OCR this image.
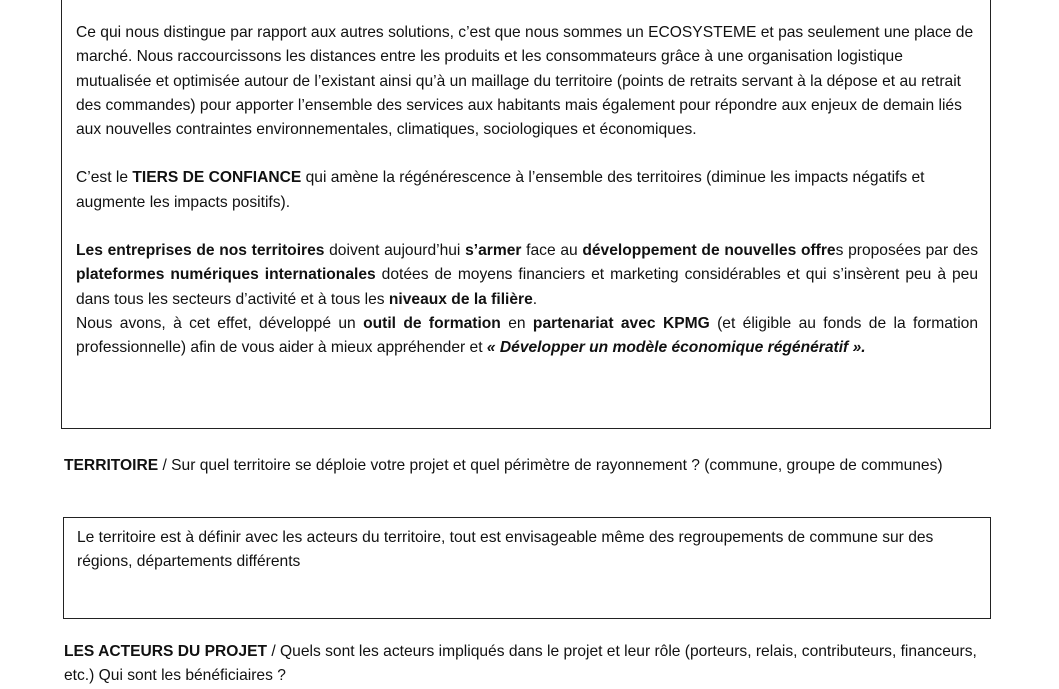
Ce qui nous distingue par rapport aux autres solutions, c’est que nous sommes un ECOSYSTEME et pas seulement une place de marché. Nous raccourcissons les distances entre les produits et les consommateurs grâce à une organisation logistique mutualisée et optimisée autour de l’existant ainsi qu’à un maillage du territoire (points de retraits servant à la dépose et au retrait des commandes) pour apporter l’ensemble des services aux habitants mais également pour répondre aux enjeux de demain liés aux nouvelles contraintes environnementales, climatiques, sociologiques et économiques.

C’est le TIERS DE CONFIANCE qui amène la régénérescence à l’ensemble des territoires (diminue les impacts négatifs et augmente les impacts positifs).

Les entreprises de nos territoires doivent aujourd’hui s’armer face au développement de nouvelles offres proposées par des plateformes numériques internationales dotées de moyens financiers et marketing considérables et qui s’insèrent peu à peu dans tous les secteurs d’activité et à tous les niveaux de la filière.

Nous avons, à cet effet, développé un outil de formation en partenariat avec KPMG (et éligible au fonds de la formation professionnelle) afin de vous aider à mieux appréhender et « Développer un modèle économique régénératif ».

TERRITOIRE / Sur quel territoire se déploie votre projet et quel périmètre de rayonnement ? (commune, groupe de communes)

Le territoire est à définir avec les acteurs du territoire, tout est envisageable même des regroupements de commune sur des régions, départements différents

LES ACTEURS DU PROJET / Quels sont les acteurs impliqués dans le projet et leur rôle (porteurs, relais, contributeurs, financeurs, etc.) Qui sont les bénéficiaires ?
